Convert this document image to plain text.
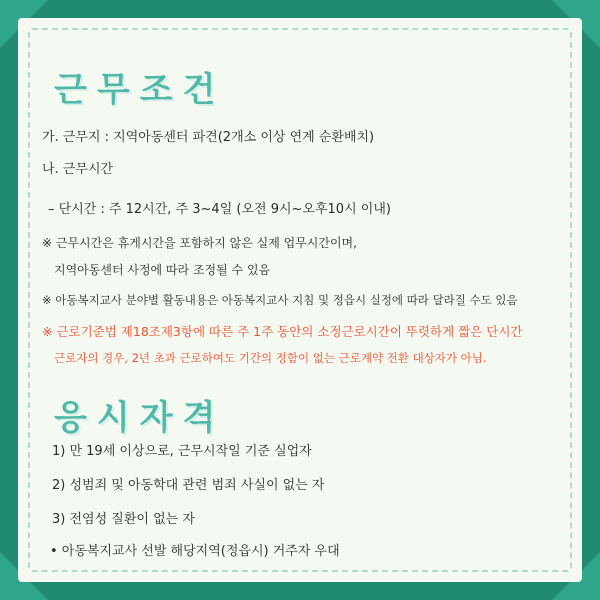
근무조건
가. 근무지 : 지역아동센터 파견(2개소 이상 연계 순환배치)
나. 근무시간
– 단시간 : 주 12시간, 주 3~4일 (오전 9시~오후10시 이내)
※ 근무시간은 휴게시간을 포함하지 않은 실제 업무시간이며,
지역아동센터 사정에 따라 조정될 수 있음
※ 아동복지교사 분야별 활동내용은 아동복지교사 지침 및 정읍시 실정에 따라 달라질 수도 있음
※ 근로기준법 제18조제3항에 따른 주 1주 동안의 소정근로시간이 뚜렷하게 짧은 단시간
근로자의 경우, 2년 초과 근로하여도 기간의 정함이 없는 근로계약 전환 대상자가 아님.
응시자격
1) 만 19세 이상으로, 근무시작일 기준 실업자
2) 성범죄 및 아동학대 관련 범죄 사실이 없는 자
3) 전염성 질환이 없는 자
• 아동복지교사 선발 해당지역(정읍시) 거주자 우대
